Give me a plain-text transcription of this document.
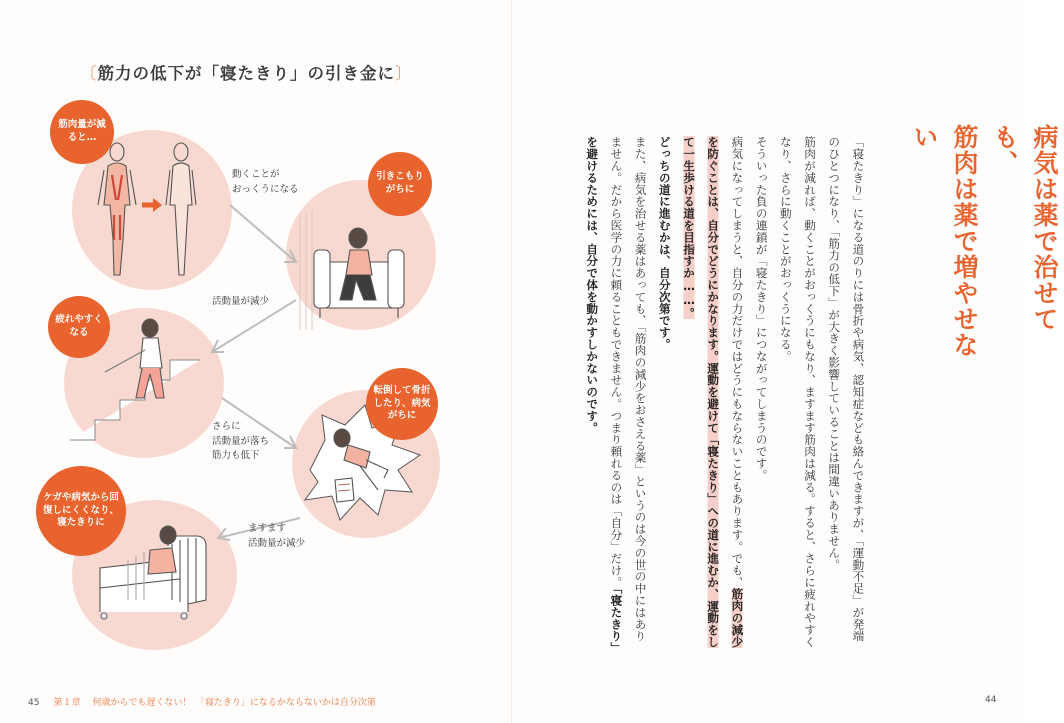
〔筋力の低下が「寝たきり」の引き金に〕
筋肉量が減ると…
引きこもりがちに
疲れやすくなる
転倒して骨折したり、病気がちに
ケガや病気から回復しにくくなり、寝たきりに
動くことが
おっくうになる
活動量が減少
さらに
活動量が落ち
筋力も低下
ますます
活動量が減少
45 第１章 何歳からでも遅くない！　「寝たきり」になるかならないかは自分次第	44
病気は薬で治せても、
筋肉は薬で増やせない

「寝たきり」になる道のりには骨折や病気、認知症なども絡んできますが、「運動不足」が発端のひとつになり、「筋力の低下」が大きく影響していることは間違いありません。

筋肉が減れば、動くことがおっくうにもなり、ますます筋肉は減る。すると、さらに疲れやすくなり、さらに動くことがおっくうになる。

そういった負の連鎖が「寝たきり」につながってしまうのです。

病気になってしまうと、自分の力だけではどうにもならないこともあります。でも、筋肉の減少を防ぐことは、自分でどうにかなります。運動を避けて「寝たきり」への道に進むか、運動をして一生歩ける道を目指すか……。

どっちの道に進むかは、自分次第です。

また、病気を治せる薬はあっても、「筋肉の減少をおさえる薬」というのは今の世の中にはありません。だから医学の力に頼ることもできません。つまり頼れるのは「自分」だけ。「寝たきり」を避けるためには、自分で体を動かすしかないのです。
